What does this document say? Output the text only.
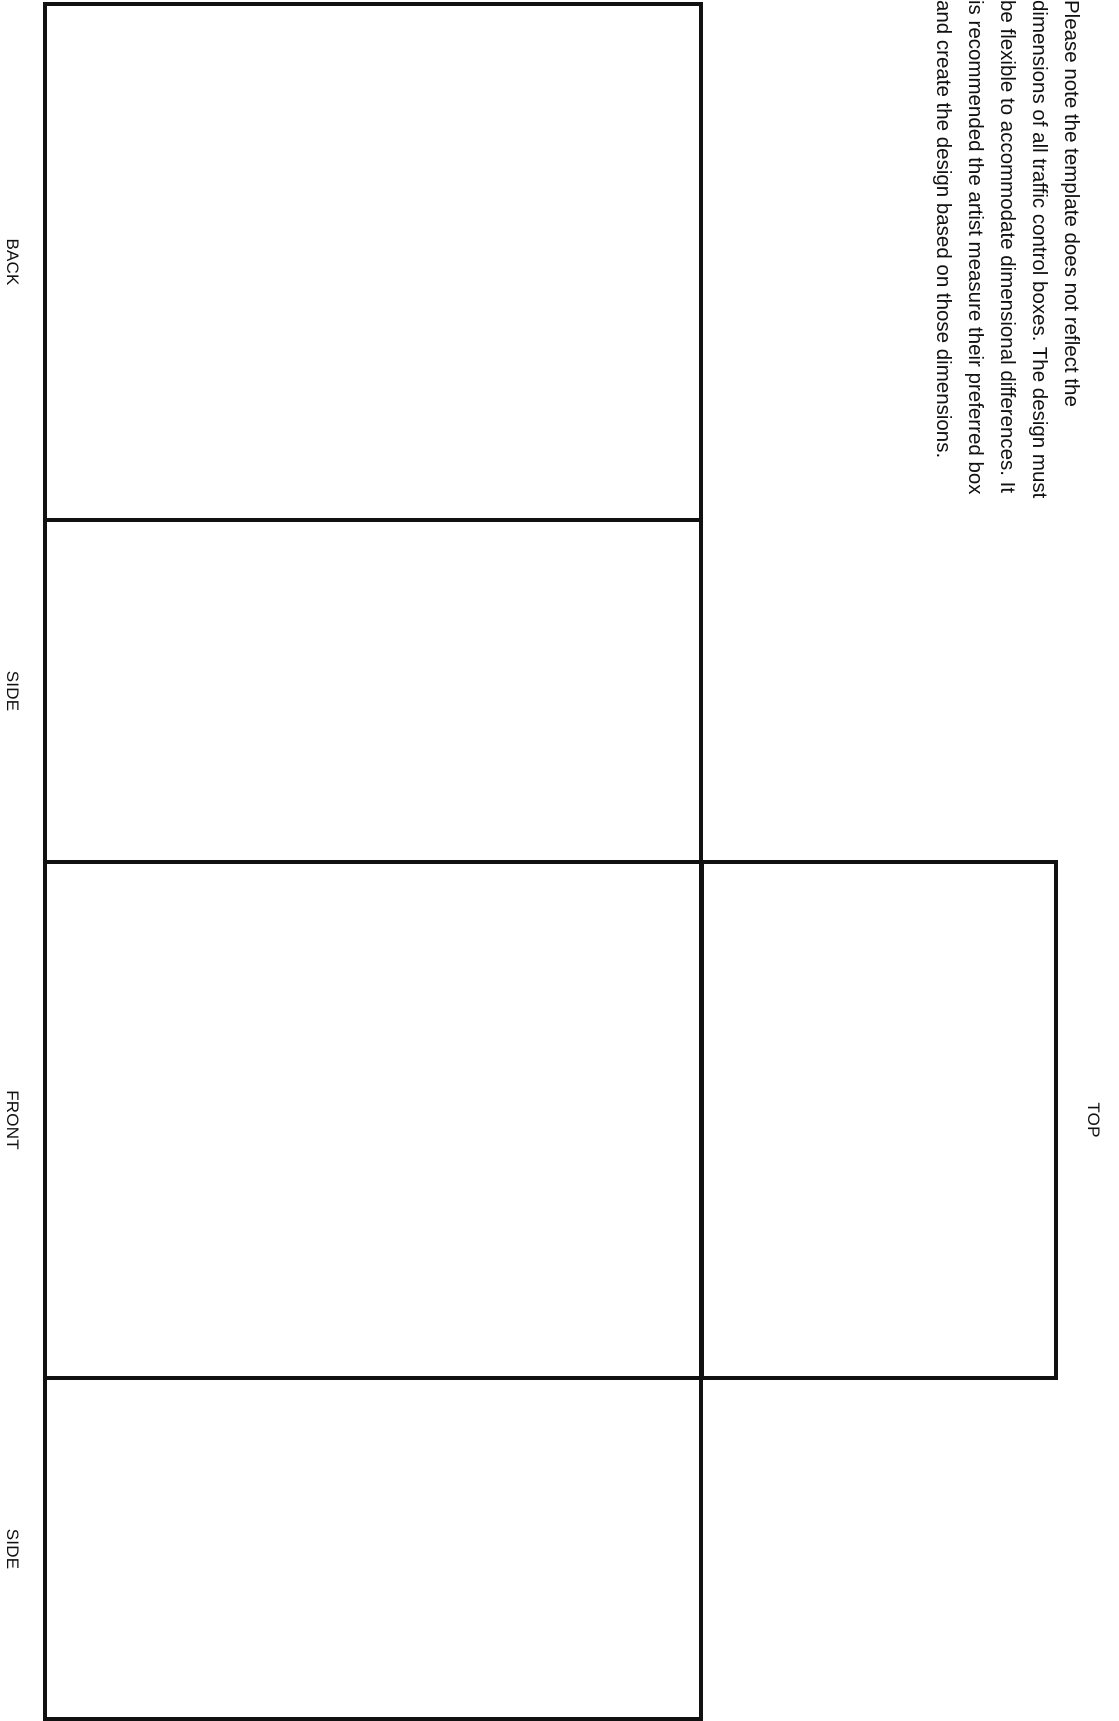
BACK
SIDE
FRONT
SIDE
TOP
Please note the template does not reflect the
dimensions of all traffic control boxes. The design must
be flexible to accommodate dimensional differences. It
is recommended the artist measure their preferred box
and create the design based on those dimensions.
